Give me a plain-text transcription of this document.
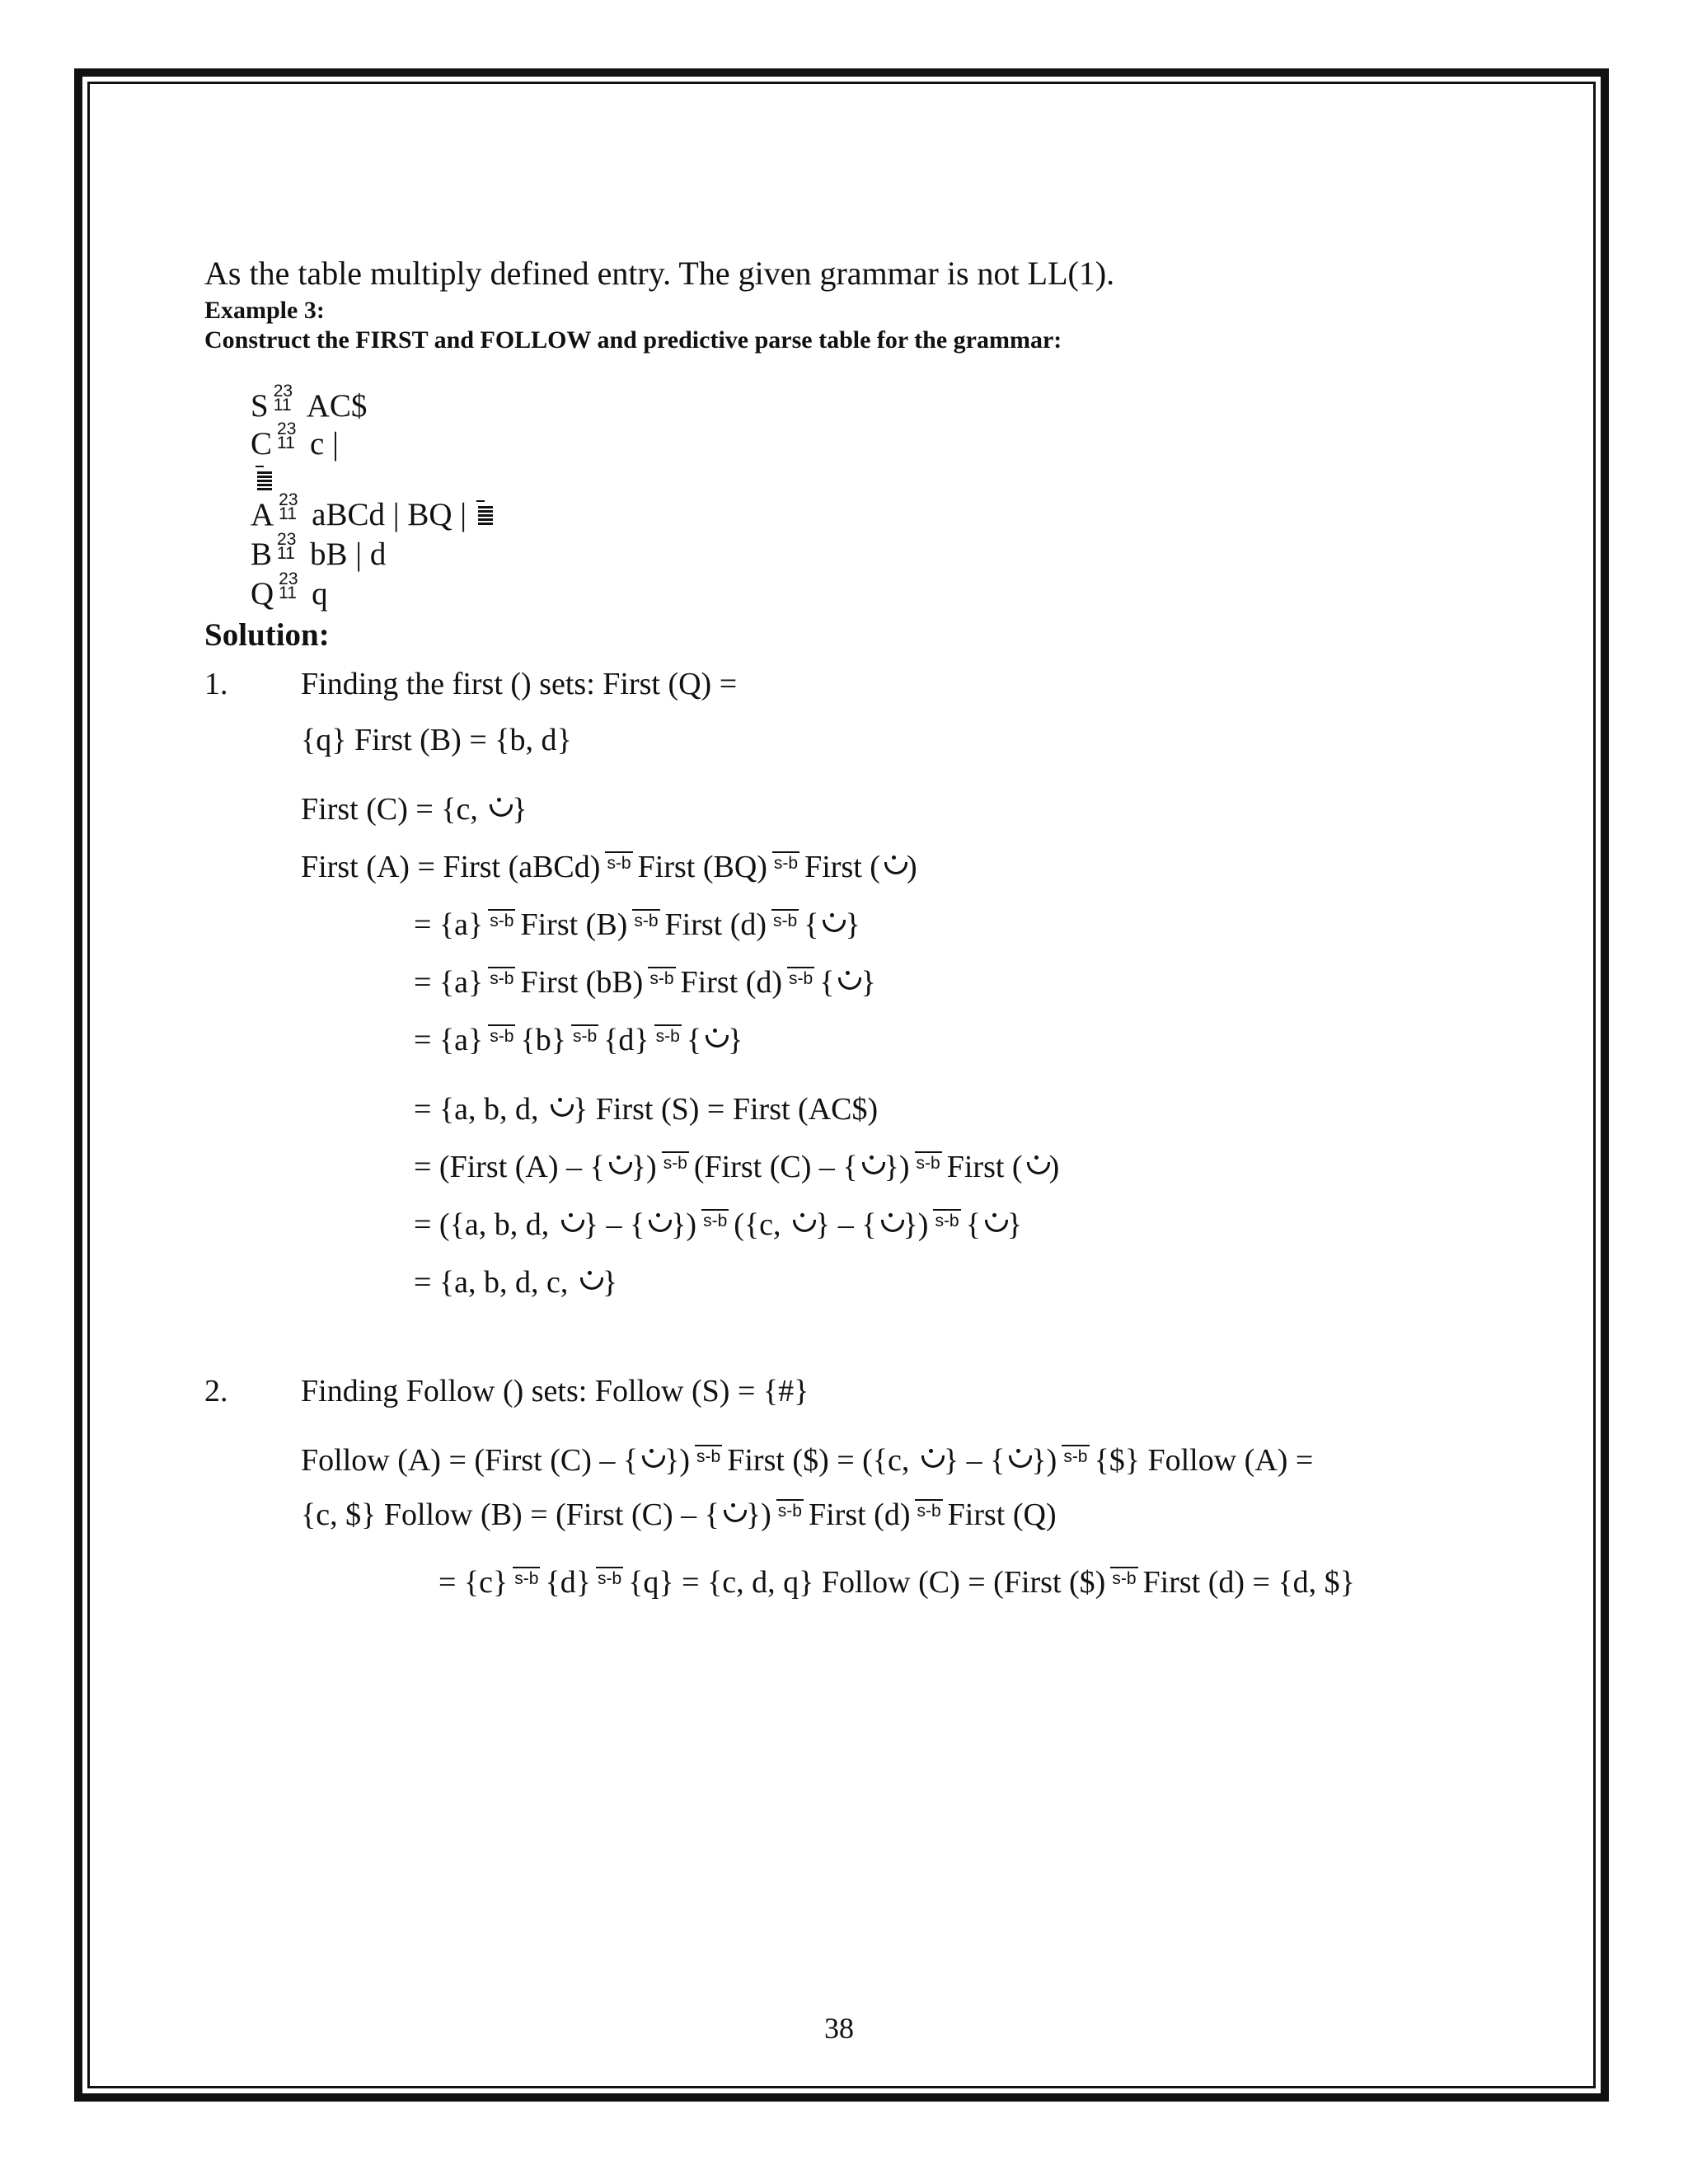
As the table multiply defined entry. The given grammar is not LL(1).
Example 3:
Construct the FIRST and FOLLOW and predictive parse table for the grammar:
S 23
11 AC$
C 23
11 c |
A 23
11 aBCd | BQ |
B 23
11 bB | d
Q 23
11 q
Solution:
1. Finding the first () sets: First (Q) =
{q} First (B) = {b, d}
First (C) = {c, }
First (A) = First (aBCd) s-b First (BQ) s-b First ( )
= {a} s-b First (B) s-b First (d) s-b { }
= {a} s-b First (bB) s-b First (d) s-b { }
= {a} s-b {b} s-b {d} s-b { }
= {a, b, d, } First (S) = First (AC$)
= (First (A) – { }) s-b (First (C) – { }) s-b First ( )
= ({a, b, d, } – { }) s-b ({c, } – { }) s-b { }
= {a, b, d, c, }
2. Finding Follow () sets: Follow (S) = {#}
Follow (A) = (First (C) – { }) s-b First ($) = ({c, } – { }) s-b {$} Follow (A) =
{c, $} Follow (B) = (First (C) – { }) s-b First (d) s-b First (Q)
= {c} s-b {d} s-b {q} = {c, d, q} Follow (C) = (First ($) s-b First (d) = {d, $}
38
